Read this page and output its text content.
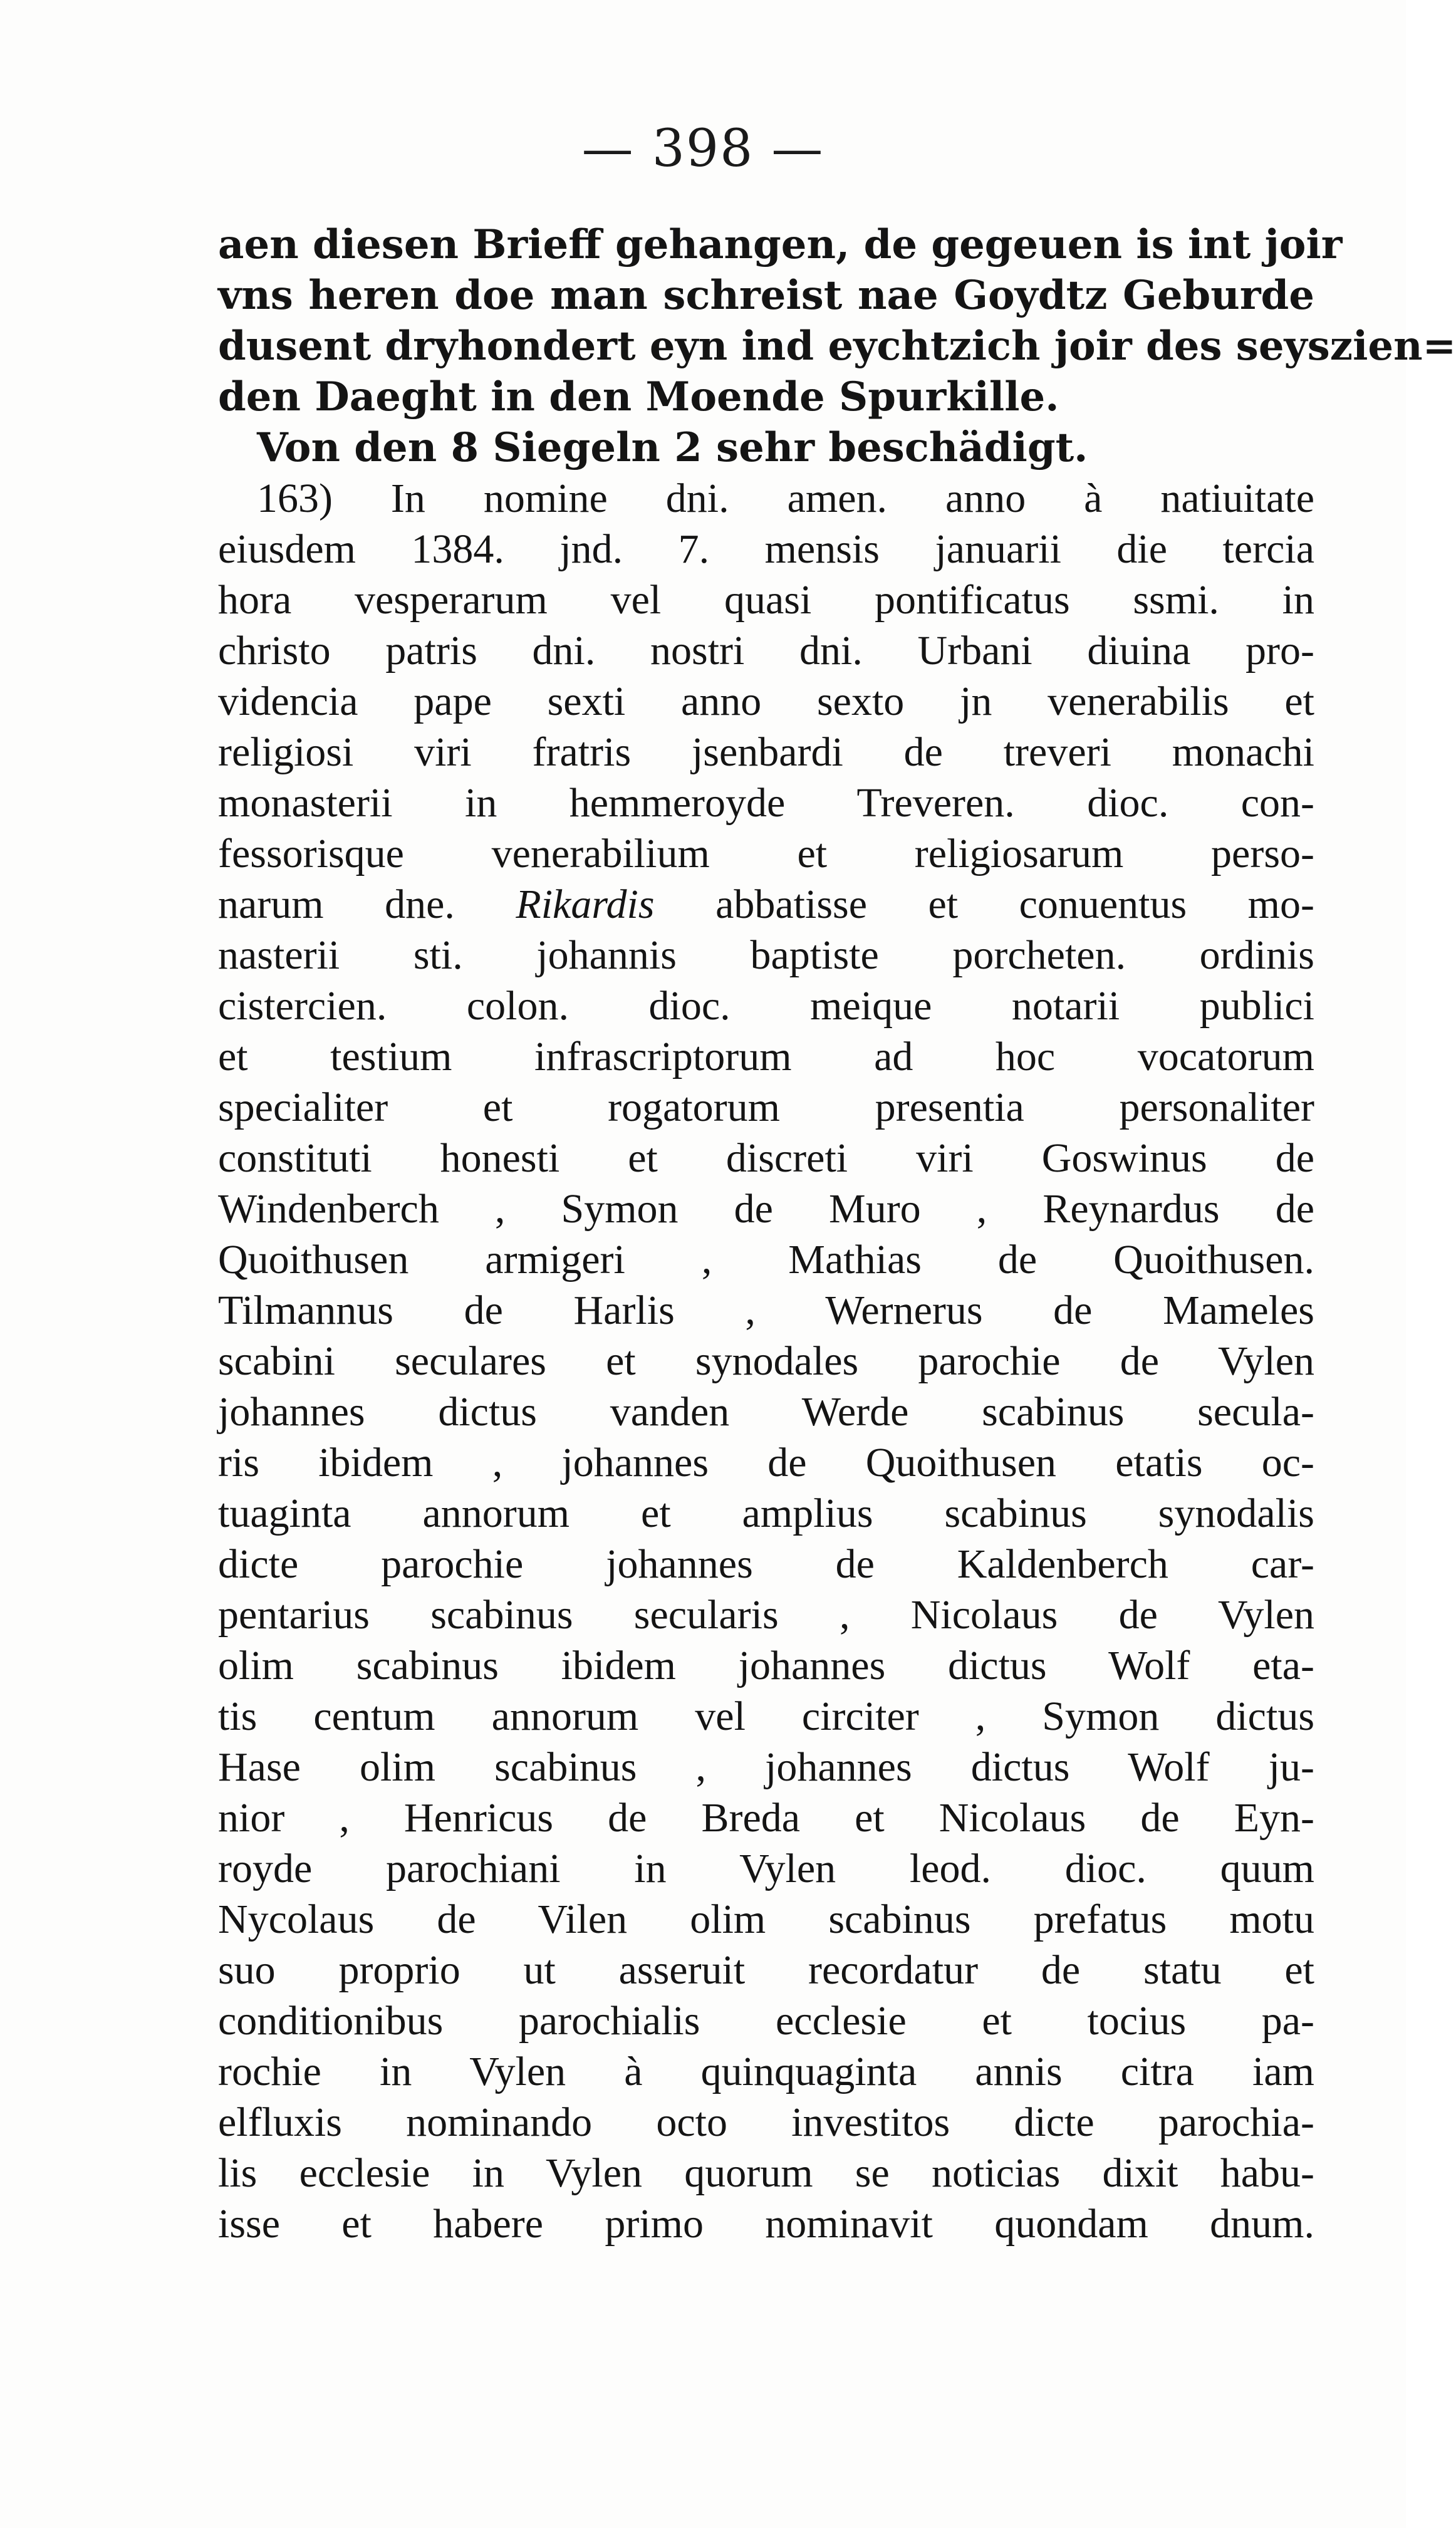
— 398 —
aen diesen Brieff gehangen, de gegeuen is int joir
vns heren doe man schreist nae Goydtz Geburde
dusent dryhondert eyn ind eychtzich joir des seyszien=
den Daeght in den Moende Spurkille.
Von den 8 Siegeln 2 sehr beschädigt.
163) In nomine dni. amen. anno à natiuitate
eiusdem 1384. jnd. 7. mensis januarii die tercia
hora vesperarum vel quasi pontificatus ssmi. in
christo patris dni. nostri dni. Urbani diuina pro-
videncia pape sexti anno sexto jn venerabilis et
religiosi viri fratris jsenbardi de treveri monachi
monasterii in hemmeroyde Treveren. dioc. con-
fessorisque venerabilium et religiosarum perso-
narum dne. Rikardis abbatisse et conuentus mo-
nasterii sti. johannis baptiste porcheten. ordinis
cistercien. colon. dioc. meique notarii publici
et testium infrascriptorum ad hoc vocatorum
specialiter et rogatorum presentia personaliter
constituti honesti et discreti viri Goswinus de
Windenberch , Symon de Muro , Reynardus de
Quoithusen armigeri , Mathias de Quoithusen.
Tilmannus de Harlis , Wernerus de Mameles
scabini seculares et synodales parochie de Vylen
johannes dictus vanden Werde scabinus secula-
ris ibidem , johannes de Quoithusen etatis oc-
tuaginta annorum et amplius scabinus synodalis
dicte parochie johannes de Kaldenberch car-
pentarius scabinus secularis , Nicolaus de Vylen
olim scabinus ibidem johannes dictus Wolf eta-
tis centum annorum vel circiter , Symon dictus
Hase olim scabinus , johannes dictus Wolf ju-
nior , Henricus de Breda et Nicolaus de Eyn-
royde parochiani in Vylen leod. dioc. quum
Nycolaus de Vilen olim scabinus prefatus motu
suo proprio ut asseruit recordatur de statu et
conditionibus parochialis ecclesie et tocius pa-
rochie in Vylen à quinquaginta annis citra iam
elfluxis nominando octo investitos dicte parochia-
lis ecclesie in Vylen quorum se noticias dixit habu-
isse et habere primo nominavit quondam dnum.
